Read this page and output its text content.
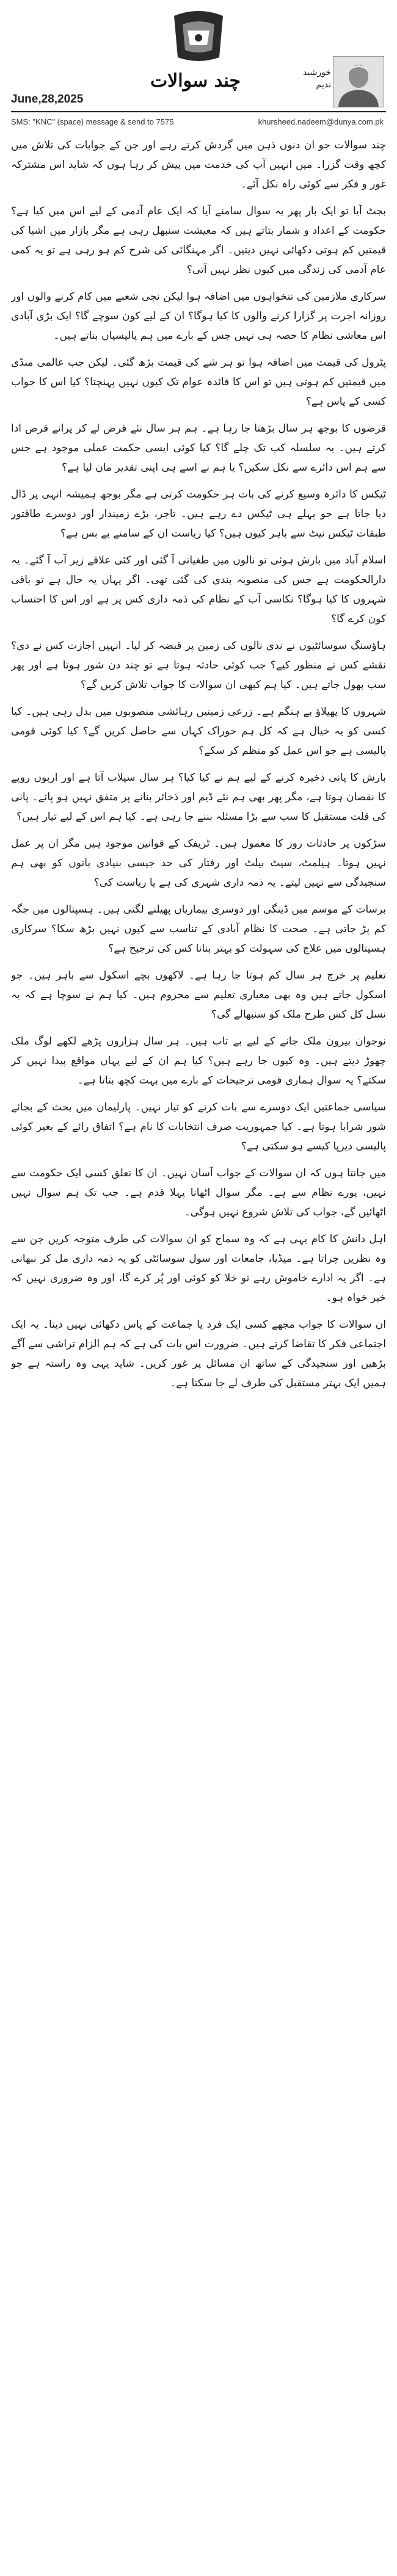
چند سوالات	خورشید ندیم
June,28,2025
SMS: "KNC" (space) message & send to 7575	khursheed.nadeem@dunya.com.pk

چند سوالات جو ان دنوں ذہن میں گردش کرتے رہے اور جن کے جوابات کی تلاش میں کچھ وقت گزرا۔ میں انہیں آپ کی خدمت میں پیش کر رہا ہوں کہ شاید اس مشترکہ غور و فکر سے کوئی راہ نکل آئے۔

بجٹ آیا تو ایک بار پھر یہ سوال سامنے آیا کہ ایک عام آدمی کے لیے اس میں کیا ہے؟ حکومت کے اعداد و شمار بتاتے ہیں کہ معیشت سنبھل رہی ہے مگر بازار میں اشیا کی قیمتیں کم ہوتی دکھائی نہیں دیتیں۔ اگر مہنگائی کی شرح کم ہو رہی ہے تو یہ کمی عام آدمی کی زندگی میں کیوں نظر نہیں آتی؟

سرکاری ملازمین کی تنخواہوں میں اضافہ ہوا لیکن نجی شعبے میں کام کرنے والوں اور روزانہ اجرت پر گزارا کرنے والوں کا کیا ہوگا؟ ان کے لیے کون سوچے گا؟ ایک بڑی آبادی اس معاشی نظام کا حصہ ہی نہیں جس کے بارے میں ہم پالیسیاں بناتے ہیں۔

پٹرول کی قیمت میں اضافہ ہوا تو ہر شے کی قیمت بڑھ گئی۔ لیکن جب عالمی منڈی میں قیمتیں کم ہوتی ہیں تو اس کا فائدہ عوام تک کیوں نہیں پہنچتا؟ کیا اس کا جواب کسی کے پاس ہے؟

قرضوں کا بوجھ ہر سال بڑھتا جا رہا ہے۔ ہم ہر سال نئے قرض لے کر پرانے قرض ادا کرتے ہیں۔ یہ سلسلہ کب تک چلے گا؟ کیا کوئی ایسی حکمت عملی موجود ہے جس سے ہم اس دائرے سے نکل سکیں؟ یا ہم نے اسے ہی اپنی تقدیر مان لیا ہے؟

ٹیکس کا دائرہ وسیع کرنے کی بات ہر حکومت کرتی ہے مگر بوجھ ہمیشہ انہی پر ڈال دیا جاتا ہے جو پہلے ہی ٹیکس دے رہے ہیں۔ تاجر، بڑے زمیندار اور دوسرے طاقتور طبقات ٹیکس نیٹ سے باہر کیوں ہیں؟ کیا ریاست ان کے سامنے بے بس ہے؟

اسلام آباد میں بارش ہوئی تو نالوں میں طغیانی آ گئی اور کئی علاقے زیر آب آ گئے۔ یہ دارالحکومت ہے جس کی منصوبہ بندی کی گئی تھی۔ اگر یہاں یہ حال ہے تو باقی شہروں کا کیا ہوگا؟ نکاسی آب کے نظام کی ذمہ داری کس پر ہے اور اس کا احتساب کون کرے گا؟

ہاؤسنگ سوسائٹیوں نے ندی نالوں کی زمین پر قبضہ کر لیا۔ انہیں اجازت کس نے دی؟ نقشے کس نے منظور کیے؟ جب کوئی حادثہ ہوتا ہے تو چند دن شور ہوتا ہے اور پھر سب بھول جاتے ہیں۔ کیا ہم کبھی ان سوالات کا جواب تلاش کریں گے؟

شہروں کا پھیلاؤ بے ہنگم ہے۔ زرعی زمینیں رہائشی منصوبوں میں بدل رہی ہیں۔ کیا کسی کو یہ خیال ہے کہ کل ہم خوراک کہاں سے حاصل کریں گے؟ کیا کوئی قومی پالیسی ہے جو اس عمل کو منظم کر سکے؟

بارش کا پانی ذخیرہ کرنے کے لیے ہم نے کیا کیا؟ ہر سال سیلاب آتا ہے اور اربوں روپے کا نقصان ہوتا ہے، مگر پھر بھی ہم نئے ڈیم اور ذخائر بنانے پر متفق نہیں ہو پاتے۔ پانی کی قلت مستقبل کا سب سے بڑا مسئلہ بننے جا رہی ہے۔ کیا ہم اس کے لیے تیار ہیں؟

سڑکوں پر حادثات روز کا معمول ہیں۔ ٹریفک کے قوانین موجود ہیں مگر ان پر عمل نہیں ہوتا۔ ہیلمٹ، سیٹ بیلٹ اور رفتار کی حد جیسی بنیادی باتوں کو بھی ہم سنجیدگی سے نہیں لیتے۔ یہ ذمہ داری شہری کی ہے یا ریاست کی؟

برسات کے موسم میں ڈینگی اور دوسری بیماریاں پھیلنے لگتی ہیں۔ ہسپتالوں میں جگہ کم پڑ جاتی ہے۔ صحت کا نظام آبادی کے تناسب سے کیوں نہیں بڑھ سکا؟ سرکاری ہسپتالوں میں علاج کی سہولت کو بہتر بنانا کس کی ترجیح ہے؟

تعلیم پر خرچ ہر سال کم ہوتا جا رہا ہے۔ لاکھوں بچے اسکول سے باہر ہیں۔ جو اسکول جاتے ہیں وہ بھی معیاری تعلیم سے محروم ہیں۔ کیا ہم نے سوچا ہے کہ یہ نسل کل کس طرح ملک کو سنبھالے گی؟

نوجوان بیرون ملک جانے کے لیے بے تاب ہیں۔ ہر سال ہزاروں پڑھے لکھے لوگ ملک چھوڑ دیتے ہیں۔ وہ کیوں جا رہے ہیں؟ کیا ہم ان کے لیے یہاں مواقع پیدا نہیں کر سکتے؟ یہ سوال ہماری قومی ترجیحات کے بارے میں بہت کچھ بتاتا ہے۔

سیاسی جماعتیں ایک دوسرے سے بات کرنے کو تیار نہیں۔ پارلیمان میں بحث کے بجائے شور شرابا ہوتا ہے۔ کیا جمہوریت صرف انتخابات کا نام ہے؟ اتفاق رائے کے بغیر کوئی پالیسی دیرپا کیسے ہو سکتی ہے؟

میں جانتا ہوں کہ ان سوالات کے جواب آسان نہیں۔ ان کا تعلق کسی ایک حکومت سے نہیں، پورے نظام سے ہے۔ مگر سوال اٹھانا پہلا قدم ہے۔ جب تک ہم سوال نہیں اٹھائیں گے، جواب کی تلاش شروع نہیں ہوگی۔

اہل دانش کا کام یہی ہے کہ وہ سماج کو ان سوالات کی طرف متوجہ کریں جن سے وہ نظریں چراتا ہے۔ میڈیا، جامعات اور سول سوسائٹی کو یہ ذمہ داری مل کر نبھانی ہے۔ اگر یہ ادارے خاموش رہے تو خلا کو کوئی اور پُر کرے گا، اور وہ ضروری نہیں کہ خیر خواہ ہو۔

ان سوالات کا جواب مجھے کسی ایک فرد یا جماعت کے پاس دکھائی نہیں دیتا۔ یہ ایک اجتماعی فکر کا تقاضا کرتے ہیں۔ ضرورت اس بات کی ہے کہ ہم الزام تراشی سے آگے بڑھیں اور سنجیدگی کے ساتھ ان مسائل پر غور کریں۔ شاید یہی وہ راستہ ہے جو ہمیں ایک بہتر مستقبل کی طرف لے جا سکتا ہے۔
